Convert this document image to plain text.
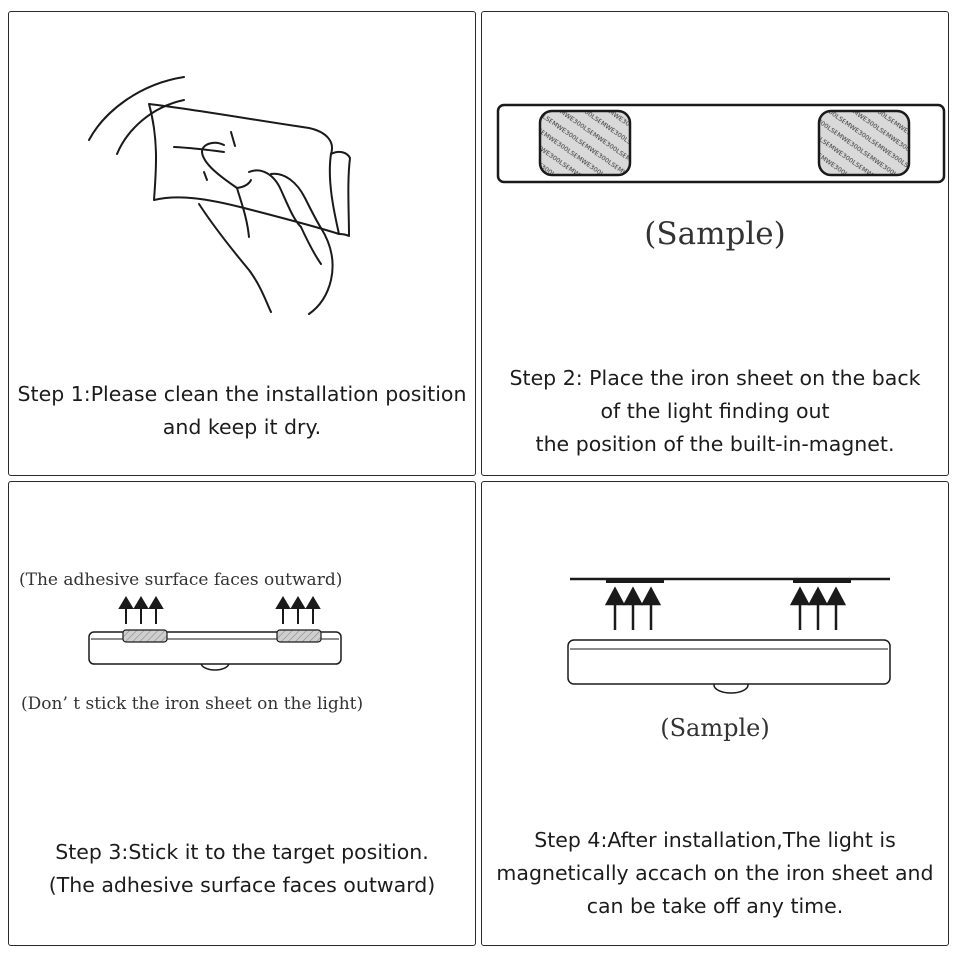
Step 1:Please clean the installation position
and keep it dry.
(Sample)
Step 2: Place the iron sheet on the back
of the light finding out
the position of the built-in-magnet.
(The adhesive surface faces outward)
(Don’ t stick the iron sheet on the light)
Step 3:Stick it to the target position.
(The adhesive surface faces outward)
(Sample)
Step 4:After installation,The light is
magnetically accach on the iron sheet and
can be take off any time.
